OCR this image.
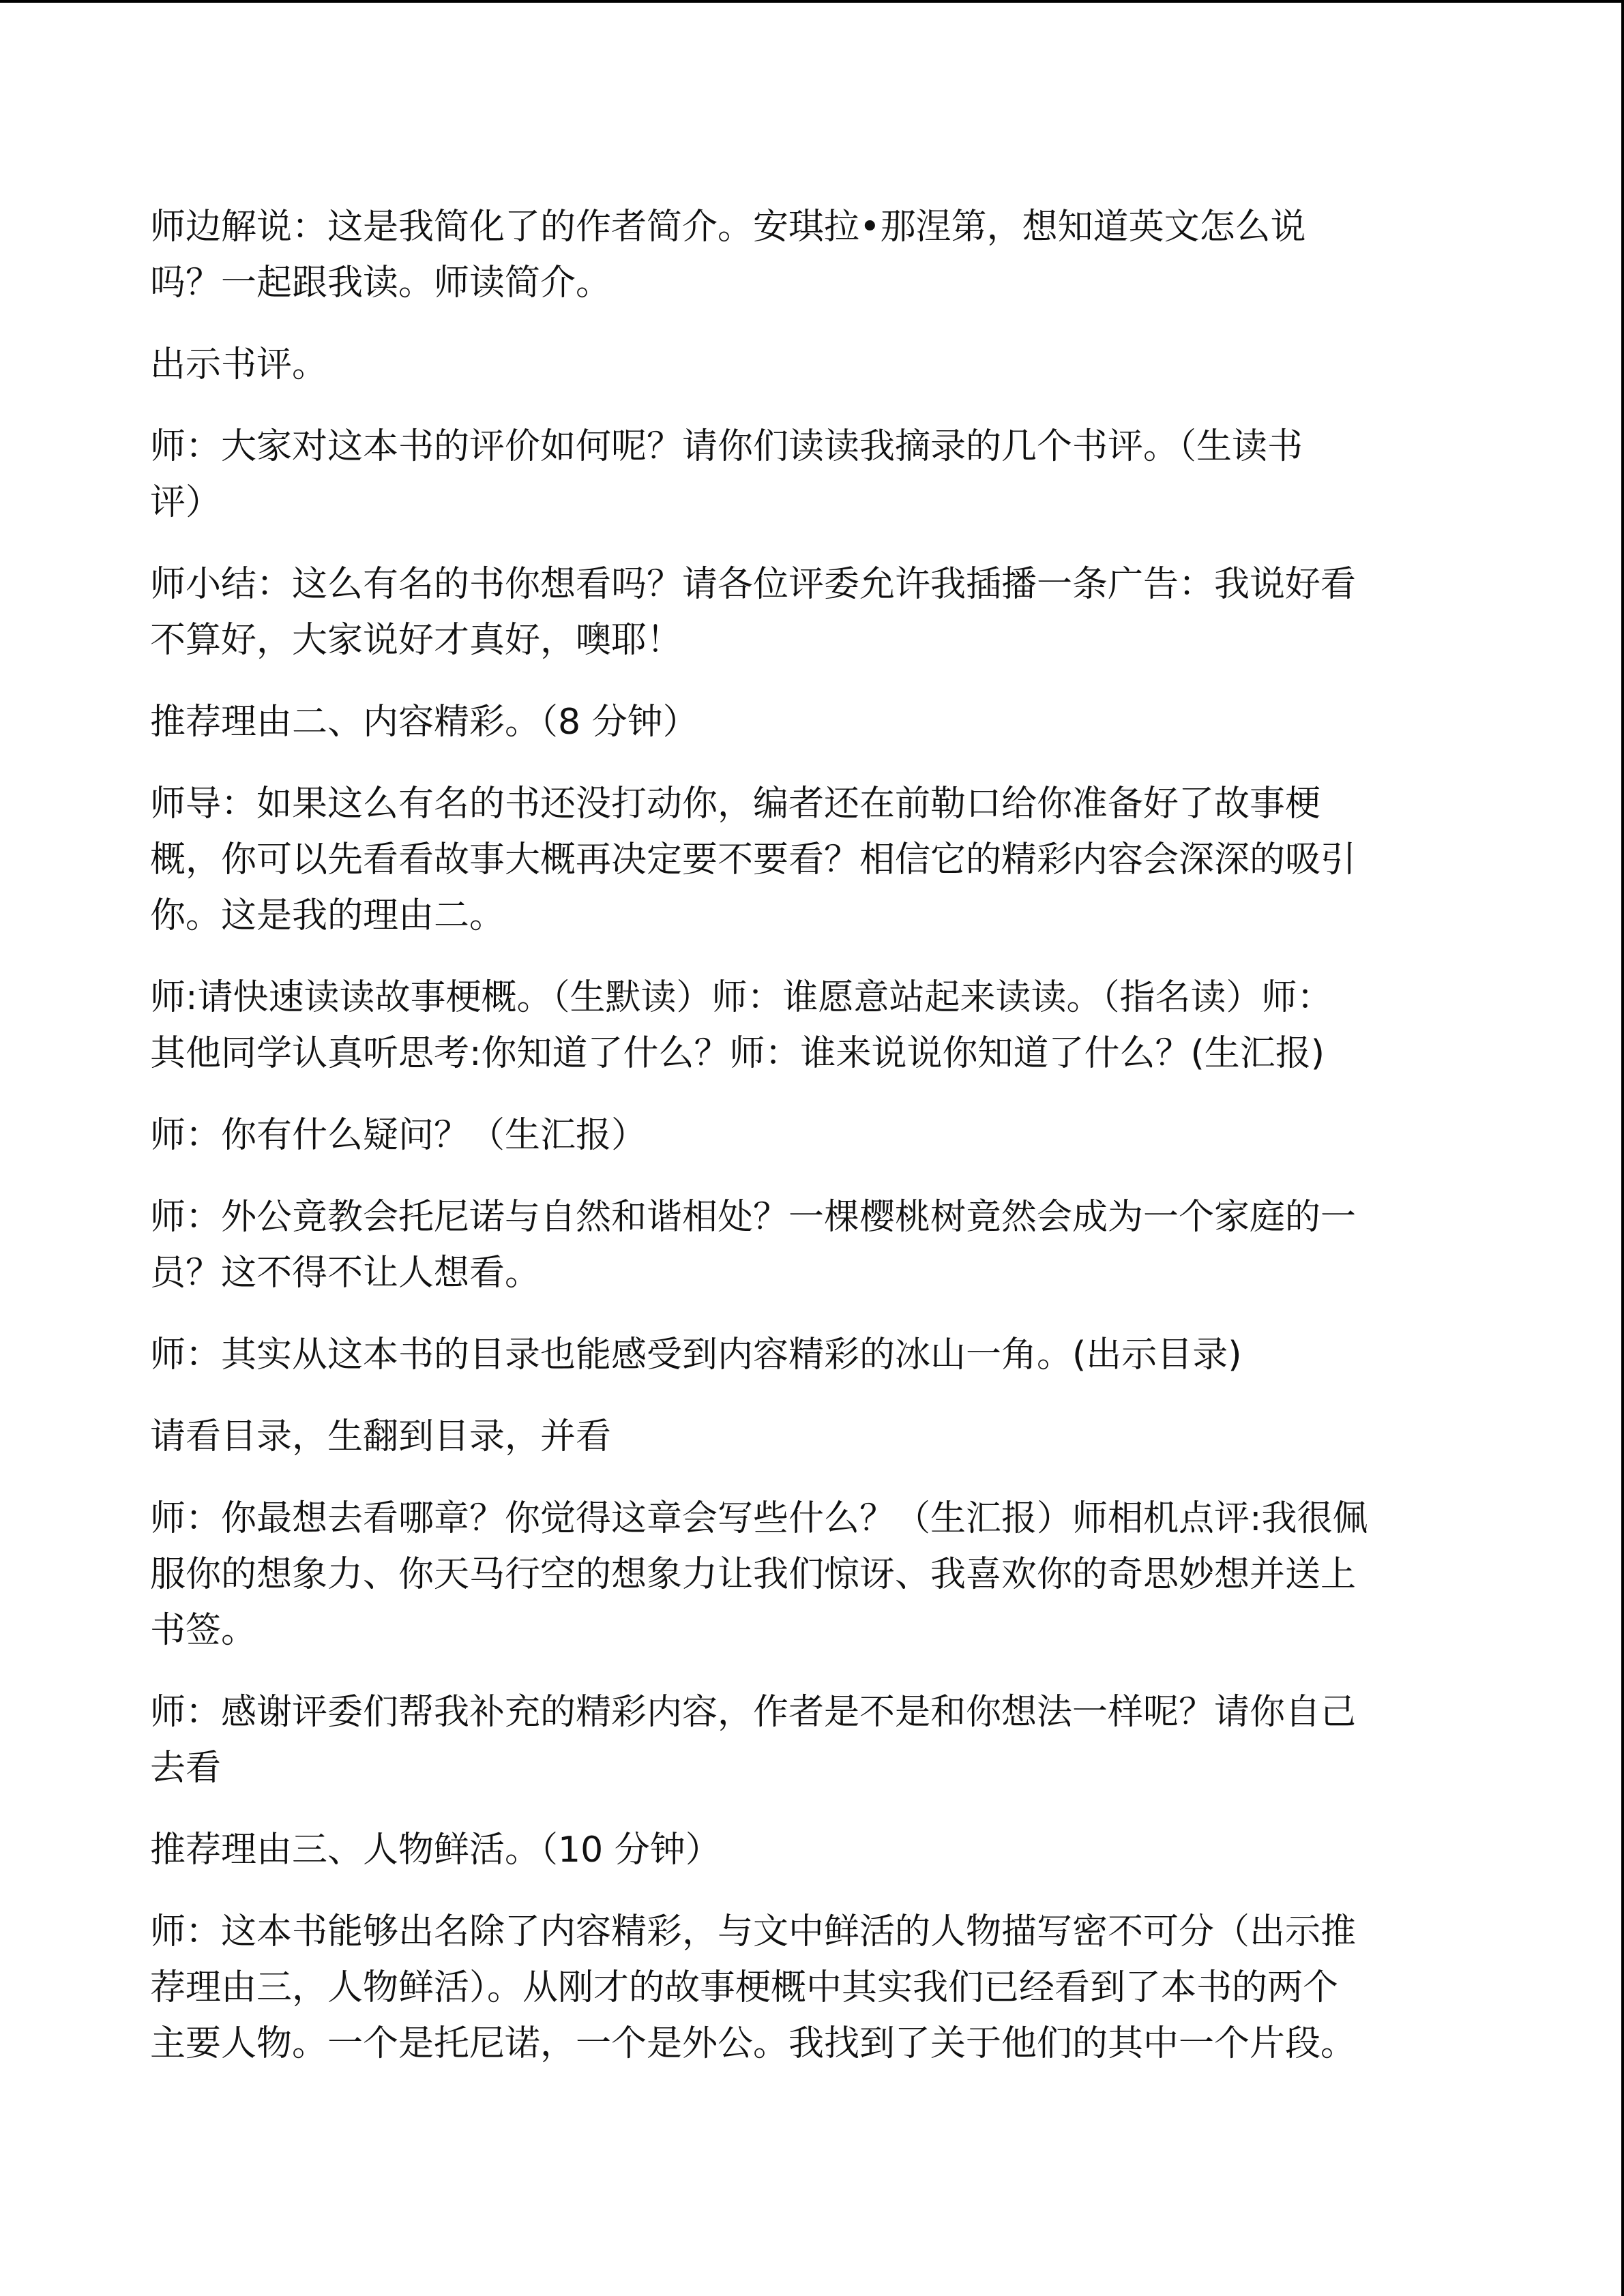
师边解说：这是我简化了的作者简介。安琪拉•那涅第，想知道英文怎么说
吗？一起跟我读。师读简介。
出示书评。
师：大家对这本书的评价如何呢？请你们读读我摘录的几个书评。（生读书
评）
师小结：这么有名的书你想看吗？请各位评委允许我插播一条广告：我说好看
不算好，大家说好才真好，噢耶！
推荐理由二、内容精彩。（8 分钟）
师导：如果这么有名的书还没打动你，编者还在前勒口给你准备好了故事梗
概，你可以先看看故事大概再决定要不要看？相信它的精彩内容会深深的吸引
你。这是我的理由二。
师:请快速读读故事梗概。（生默读）师：谁愿意站起来读读。（指名读）师：
其他同学认真听思考:你知道了什么？师：谁来说说你知道了什么？(生汇报)
师：你有什么疑问？（生汇报）
师：外公竟教会托尼诺与自然和谐相处？一棵樱桃树竟然会成为一个家庭的一
员？这不得不让人想看。
师：其实从这本书的目录也能感受到内容精彩的冰山一角。(出示目录)
请看目录，生翻到目录，并看
师：你最想去看哪章？你觉得这章会写些什么？（生汇报）师相机点评:我很佩
服你的想象力、你天马行空的想象力让我们惊讶、我喜欢你的奇思妙想并送上
书签。
师：感谢评委们帮我补充的精彩内容，作者是不是和你想法一样呢？请你自己
去看
推荐理由三、人物鲜活。（10 分钟）
师：这本书能够出名除了内容精彩，与文中鲜活的人物描写密不可分（出示推
荐理由三，人物鲜活）。从刚才的故事梗概中其实我们已经看到了本书的两个
主要人物。一个是托尼诺，一个是外公。我找到了关于他们的其中一个片段。
